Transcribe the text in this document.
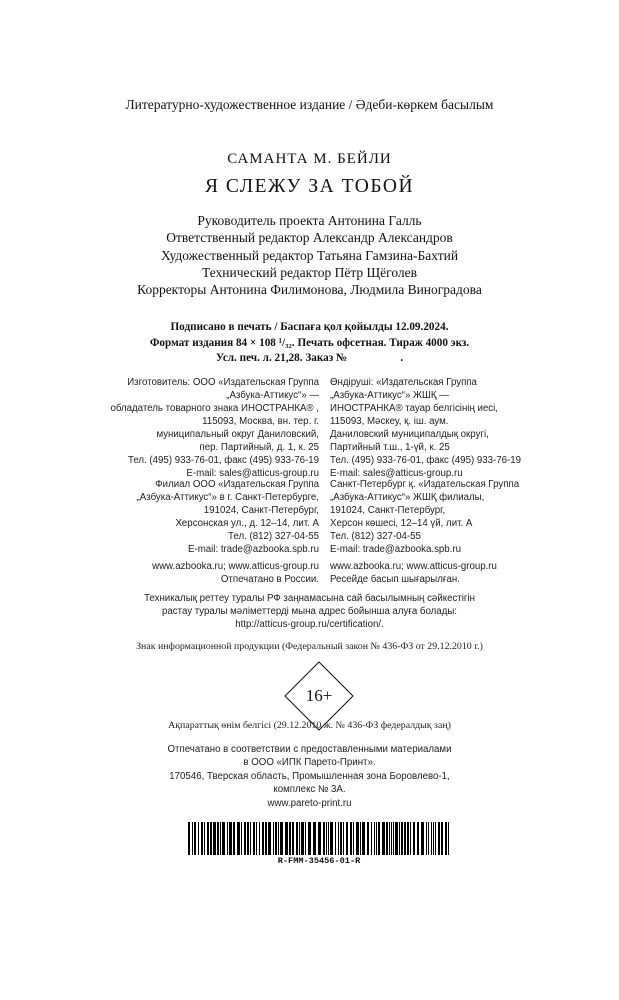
Литературно-художественное издание / Әдеби-көркем басылым
САМАНТА М. БЕЙЛИ
Я СЛЕЖУ ЗА ТОБОЙ
Руководитель проекта Антонина Галль
Ответственный редактор Александр Александров
Художественный редактор Татьяна Гамзина-Бахтий
Технический редактор Пётр Щёголев
Корректоры Антонина Филимонова, Людмила Виноградова
Подписано в печать / Баспаға қол қойылды 12.09.2024.
Формат издания 84 × 108 ¹/₃₂. Печать офсетная. Тираж 4000 экз.
Усл. печ. л. 21,28. Заказ №                   .
Изготовитель: ООО «Издательская Группа
„Азбука-Аттикус“» —
обладатель товарного знака ИНОСТРАНКА® ,
115093, Москва, вн. тер. г.
муниципальный округ Даниловский,
пер. Партийный, д. 1, к. 25
Тел. (495) 933-76-01, факс (495) 933-76-19
E-mail: sales@atticus-group.ru
Өндіруші: «Издательская Группа
„Азбука-Аттикус“» ЖШҚ —
ИНОСТРАНКА® тауар белгісінің иесі,
115093, Мәскеу, қ. іш. аум.
Даниловский муниципалдық округі,
Партийный т.ш., 1-үй, к. 25
Тел. (495) 933-76-01, факс (495) 933-76-19
E-mail: sales@atticus-group.ru
Филиал ООО «Издательская Группа
„Азбука-Аттикус“» в г. Санкт-Петербурге,
191024, Санкт-Петербург,
Херсонская ул., д. 12–14, лит. А
Тел. (812) 327-04-55
E-mail: trade@azbooka.spb.ru
Санкт-Петербург қ. «Издательская Группа
„Азбука-Аттикус“» ЖШҚ филиалы,
191024, Санкт-Петербург,
Херсон көшесі, 12–14 үй, лит. А
Тел. (812) 327-04-55
E-mail: trade@azbooka.spb.ru
www.azbooka.ru; www.atticus-group.ru
Отпечатано в России.
www.azbooka.ru; www.atticus-group.ru
Ресейде басып шығарылған.
Техникалық реттеу туралы РФ заңнамасына сай басылымның сәйкестігін
растау туралы мәліметтерді мына адрес бойынша алуға болады:
http://atticus-group.ru/certification/.
Знак информационной продукции (Федеральный закон № 436-ФЗ от 29.12.2010 г.)
16+
Ақпараттық өнім белгісі (29.12.2010 ж. № 436-ФЗ федералдық заң)
Отпечатано в соответствии с предоставленными материалами
в ООО «ИПК Парето-Принт».
170546, Тверская область, Промышленная зона Боровлево-1,
комплекс № 3А.
www.pareto-print.ru
R-FMM-35456-01-R
